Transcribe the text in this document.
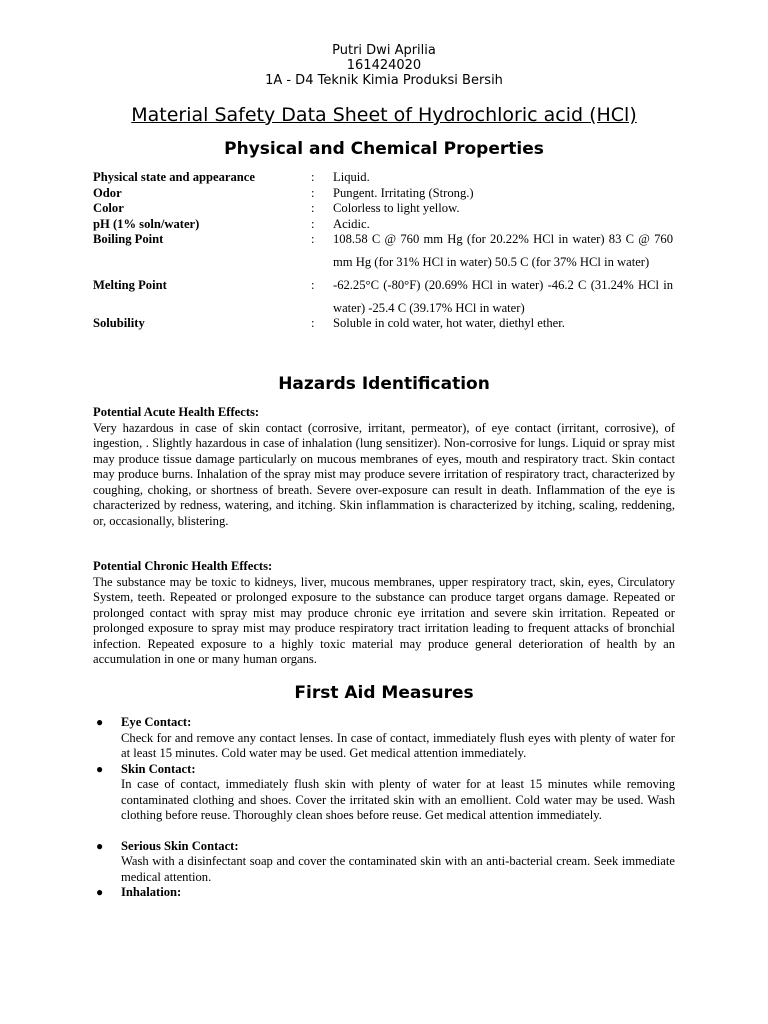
Putri Dwi Aprilia
161424020
1A - D4 Teknik Kimia Produksi Bersih
Material Safety Data Sheet of Hydrochloric acid (HCl)
Physical and Chemical Properties
Physical state and appearance	:	Liquid.
Odor	:	Pungent. Irritating (Strong.)
Color	:	Colorless to light yellow.
pH (1% soln/water)	:	Acidic.
Boiling Point	:	108.58 C @ 760 mm Hg (for 20.22% HCl in water) 83 C @ 760 mm Hg (for 31% HCl in water) 50.5 C (for 37% HCl in water)
Melting Point	:	-62.25°C (-80°F) (20.69% HCl in water) -46.2 C (31.24% HCl in water) -25.4 C (39.17% HCl in water)
Solubility	:	Soluble in cold water, hot water, diethyl ether.
Hazards Identification
Potential Acute Health Effects:
Very hazardous in case of skin contact (corrosive, irritant, permeator), of eye contact (irritant, corrosive), of ingestion, . Slightly hazardous in case of inhalation (lung sensitizer). Non-corrosive for lungs. Liquid or spray mist may produce tissue damage particularly on mucous membranes of eyes, mouth and respiratory tract. Skin contact may produce burns. Inhalation of the spray mist may produce severe irritation of respiratory tract, characterized by coughing, choking, or shortness of breath. Severe over-exposure can result in death. Inflammation of the eye is characterized by redness, watering, and itching. Skin inflammation is characterized by itching, scaling, reddening, or, occasionally, blistering.
Potential Chronic Health Effects:
The substance may be toxic to kidneys, liver, mucous membranes, upper respiratory tract, skin, eyes, Circulatory System, teeth. Repeated or prolonged exposure to the substance can produce target organs damage. Repeated or prolonged contact with spray mist may produce chronic eye irritation and severe skin irritation. Repeated or prolonged exposure to spray mist may produce respiratory tract irritation leading to frequent attacks of bronchial infection. Repeated exposure to a highly toxic material may produce general deterioration of health by an accumulation in one or many human organs.
First Aid Measures
● Eye Contact:
Check for and remove any contact lenses. In case of contact, immediately flush eyes with plenty of water for at least 15 minutes. Cold water may be used. Get medical attention immediately.
● Skin Contact:
In case of contact, immediately flush skin with plenty of water for at least 15 minutes while removing contaminated clothing and shoes. Cover the irritated skin with an emollient. Cold water may be used. Wash clothing before reuse. Thoroughly clean shoes before reuse. Get medical attention immediately.
● Serious Skin Contact:
Wash with a disinfectant soap and cover the contaminated skin with an anti-bacterial cream. Seek immediate medical attention.
● Inhalation:
